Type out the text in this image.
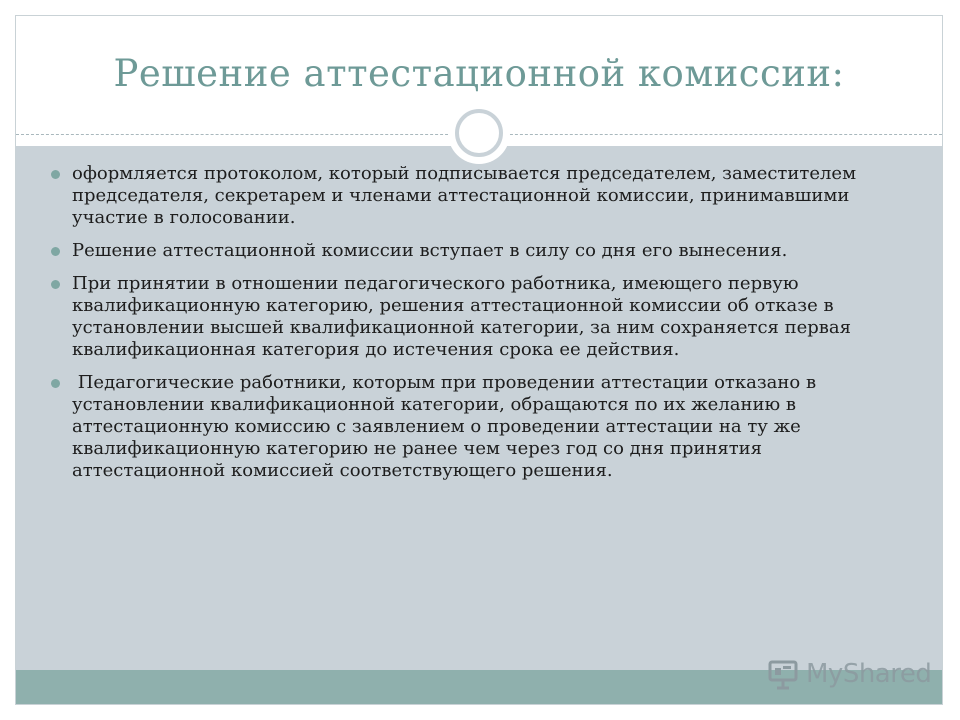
Решение аттестационной комиссии:
оформляется протоколом, который подписывается председателем, заместителем председателя, секретарем и членами аттестационной комиссии, принимавшими участие в голосовании.
Решение аттестационной комиссии вступает в силу со дня его вынесения.
При принятии в отношении педагогического работника, имеющего первую квалификационную категорию, решения аттестационной комиссии об отказе в установлении высшей квалификационной категории, за ним сохраняется первая квалификационная категория до истечения срока ее действия.
Педагогические работники, которым при проведении аттестации отказано в установлении квалификационной категории, обращаются по их желанию в аттестационную комиссию с заявлением о проведении аттестации на ту же квалификационную категорию не ранее чем через год со дня принятия аттестационной комиссией соответствующего решения.
MyShared
